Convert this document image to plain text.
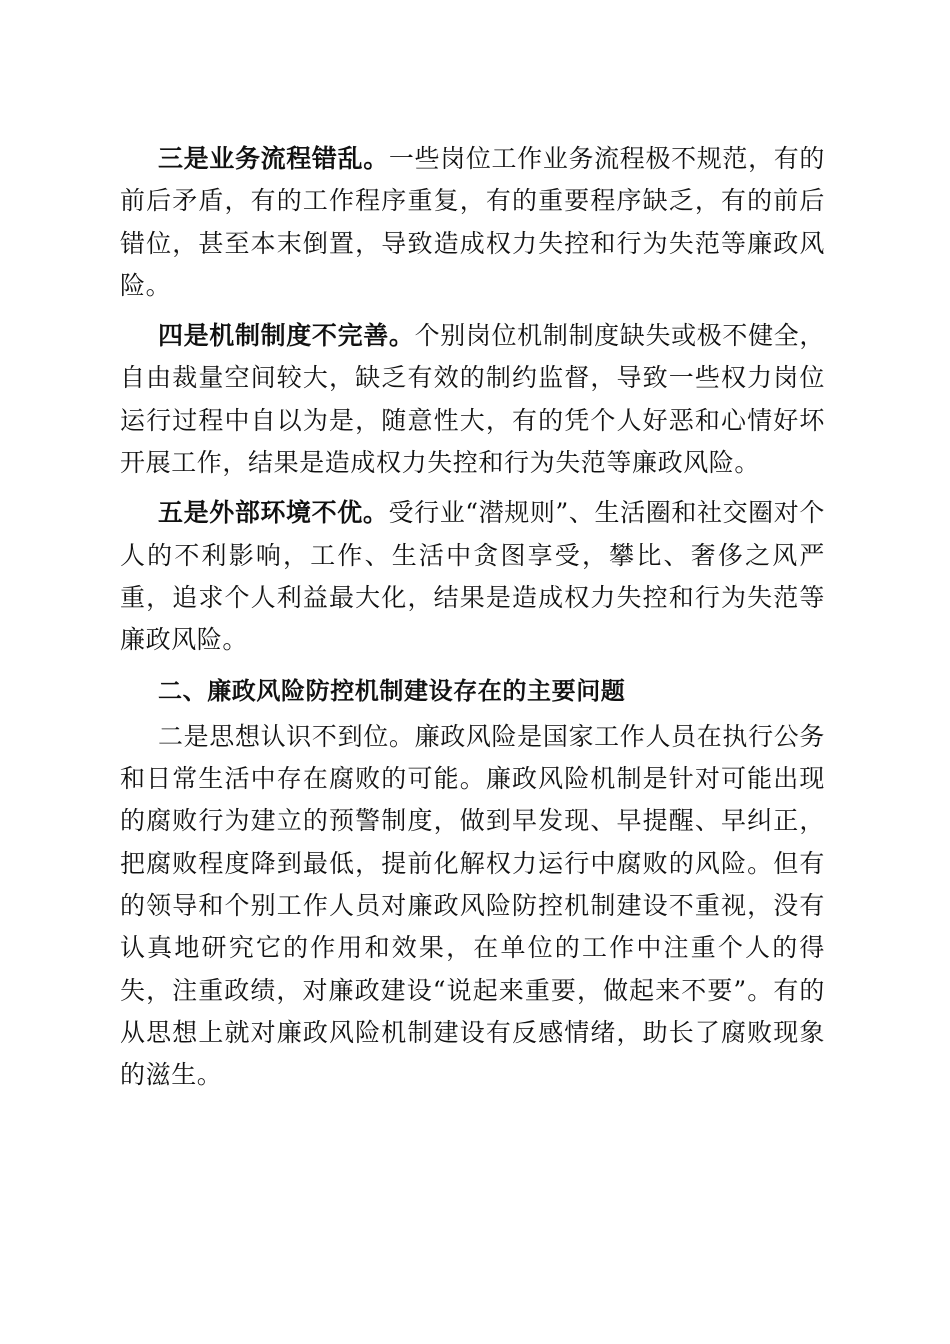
三是业务流程错乱。一些岗位工作业务流程极不规范，有的前后矛盾，有的工作程序重复，有的重要程序缺乏，有的前后错位，甚至本末倒置，导致造成权力失控和行为失范等廉政风险。

四是机制制度不完善。个别岗位机制制度缺失或极不健全，自由裁量空间较大，缺乏有效的制约监督，导致一些权力岗位运行过程中自以为是，随意性大，有的凭个人好恶和心情好坏开展工作，结果是造成权力失控和行为失范等廉政风险。

五是外部环境不优。受行业“潜规则”、生活圈和社交圈对个人的不利影响，工作、生活中贪图享受，攀比、奢侈之风严重，追求个人利益最大化，结果是造成权力失控和行为失范等廉政风险。

二、廉政风险防控机制建设存在的主要问题

二是思想认识不到位。廉政风险是国家工作人员在执行公务和日常生活中存在腐败的可能。廉政风险机制是针对可能出现的腐败行为建立的预警制度，做到早发现、早提醒、早纠正，把腐败程度降到最低，提前化解权力运行中腐败的风险。但有的领导和个别工作人员对廉政风险防控机制建设不重视，没有认真地研究它的作用和效果，在单位的工作中注重个人的得失，注重政绩，对廉政建设“说起来重要，做起来不要”。有的从思想上就对廉政风险机制建设有反感情绪，助长了腐败现象的滋生。
